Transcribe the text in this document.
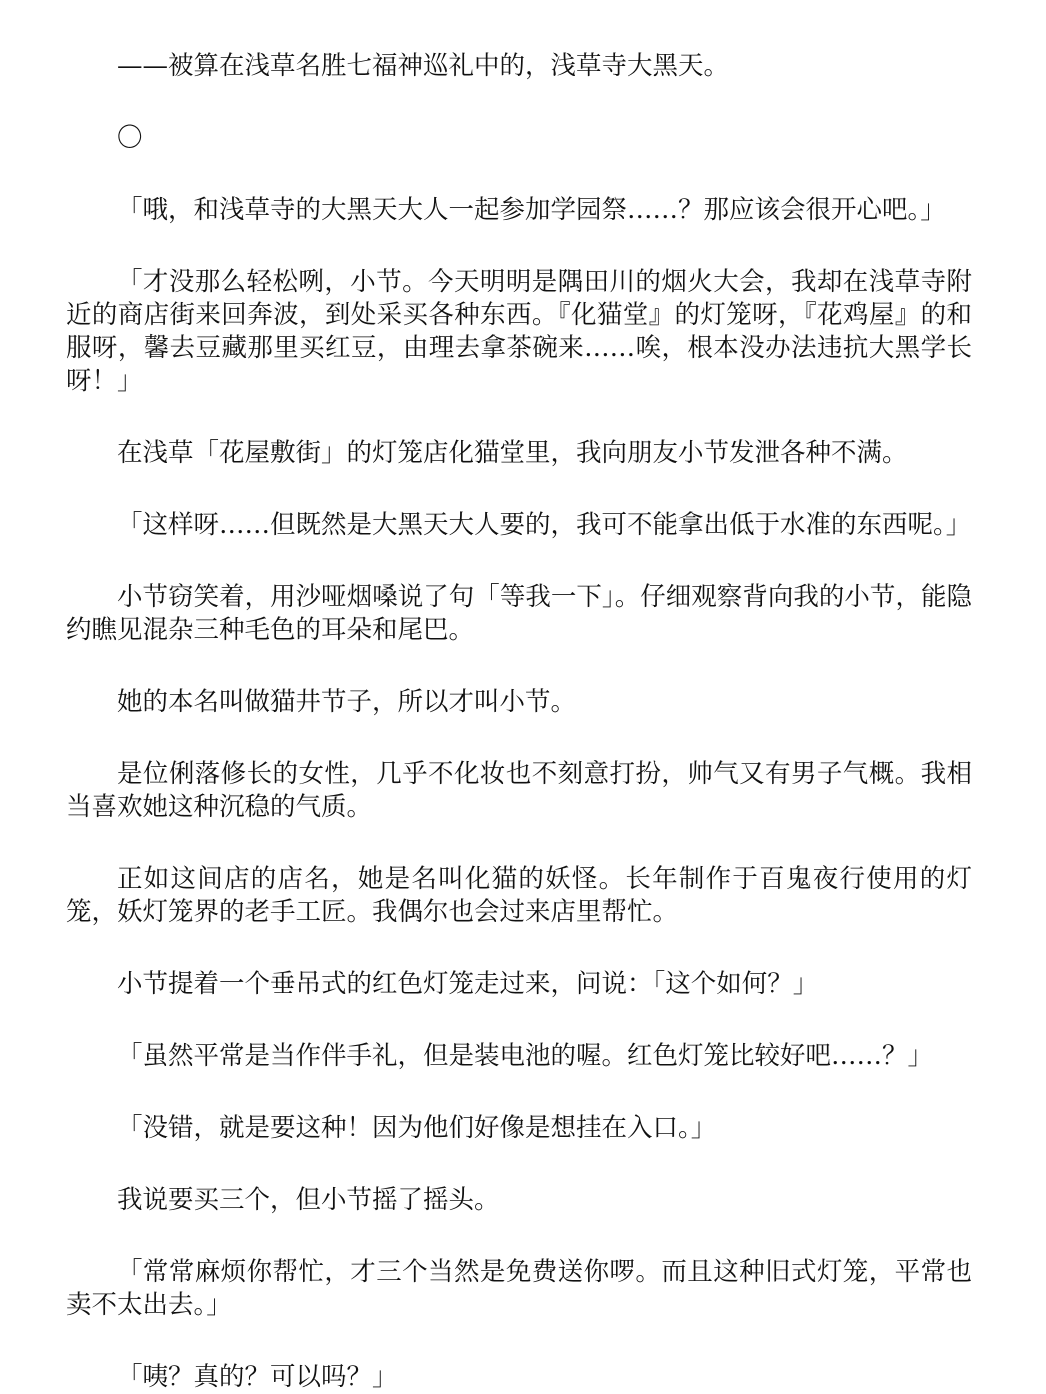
——被算在浅草名胜七福神巡礼中的，浅草寺大黑天。

〇

「哦，和浅草寺的大黑天大人一起参加学园祭……？那应该会很开心吧。」

「才没那么轻松咧，小节。今天明明是隅田川的烟火大会，我却在浅草寺附近的商店街来回奔波，到处采买各种东西。『化猫堂』的灯笼呀，『花鸡屋』的和服呀，馨去豆藏那里买红豆，由理去拿茶碗来……唉，根本没办法违抗大黑学长呀！」

在浅草「花屋敷街」的灯笼店化猫堂里，我向朋友小节发泄各种不满。

「这样呀……但既然是大黑天大人要的，我可不能拿出低于水准的东西呢。」

小节窃笑着，用沙哑烟嗓说了句「等我一下」。仔细观察背向我的小节，能隐约瞧见混杂三种毛色的耳朵和尾巴。

她的本名叫做猫井节子，所以才叫小节。

是位俐落修长的女性，几乎不化妆也不刻意打扮，帅气又有男子气概。我相当喜欢她这种沉稳的气质。

正如这间店的店名，她是名叫化猫的妖怪。长年制作于百鬼夜行使用的灯笼，妖灯笼界的老手工匠。我偶尔也会过来店里帮忙。

小节提着一个垂吊式的红色灯笼走过来，问说：「这个如何？」

「虽然平常是当作伴手礼，但是装电池的喔。红色灯笼比较好吧……？」

「没错，就是要这种！因为他们好像是想挂在入口。」

我说要买三个，但小节摇了摇头。

「常常麻烦你帮忙，才三个当然是免费送你啰。而且这种旧式灯笼，平常也卖不太出去。」

「咦？真的？可以吗？」
